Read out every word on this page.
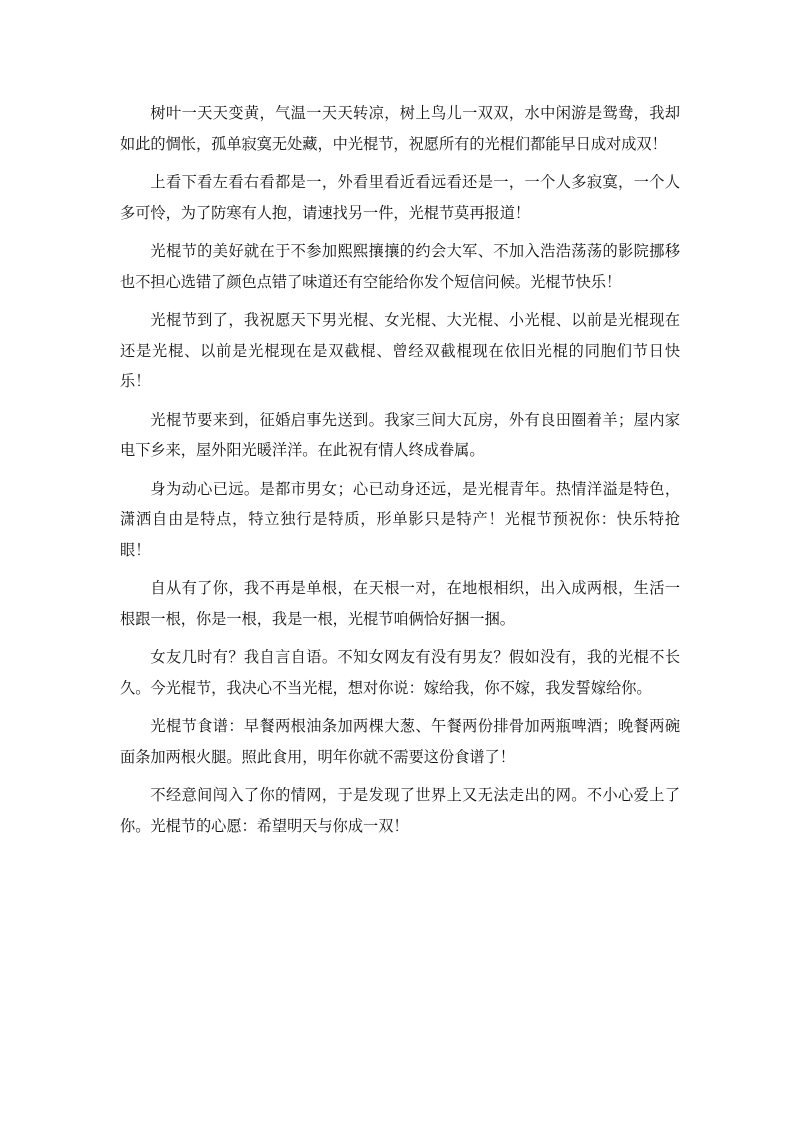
树叶一天天变黄，气温一天天转凉，树上鸟儿一双双，水中闲游是鸳鸯，我却如此的惆怅，孤单寂寞无处藏，中光棍节，祝愿所有的光棍们都能早日成对成双！

上看下看左看右看都是一，外看里看近看远看还是一，一个人多寂寞，一个人多可怜，为了防寒有人抱，请速找另一件，光棍节莫再报道！

光棍节的美好就在于不参加熙熙攘攘的约会大军、不加入浩浩荡荡的影院挪移也不担心选错了颜色点错了味道还有空能给你发个短信问候。光棍节快乐！

光棍节到了，我祝愿天下男光棍、女光棍、大光棍、小光棍、以前是光棍现在还是光棍、以前是光棍现在是双截棍、曾经双截棍现在依旧光棍的同胞们节日快乐！

光棍节要来到，征婚启事先送到。我家三间大瓦房，外有良田圈着羊；屋内家电下乡来，屋外阳光暖洋洋。在此祝有情人终成眷属。

身为动心已远。是都市男女；心已动身还远，是光棍青年。热情洋溢是特色，潇洒自由是特点，特立独行是特质，形单影只是特产！光棍节预祝你：快乐特抢眼！

自从有了你，我不再是单根，在天根一对，在地根相织，出入成两根，生活一根跟一根，你是一根，我是一根，光棍节咱俩恰好捆一捆。

女友几时有？我自言自语。不知女网友有没有男友？假如没有，我的光棍不长久。今光棍节，我决心不当光棍，想对你说：嫁给我，你不嫁，我发誓嫁给你。

光棍节食谱：早餐两根油条加两棵大葱、午餐两份排骨加两瓶啤酒；晚餐两碗面条加两根火腿。照此食用，明年你就不需要这份食谱了！

不经意间闯入了你的情网，于是发现了世界上又无法走出的网。不小心爱上了你。光棍节的心愿：希望明天与你成一双！
